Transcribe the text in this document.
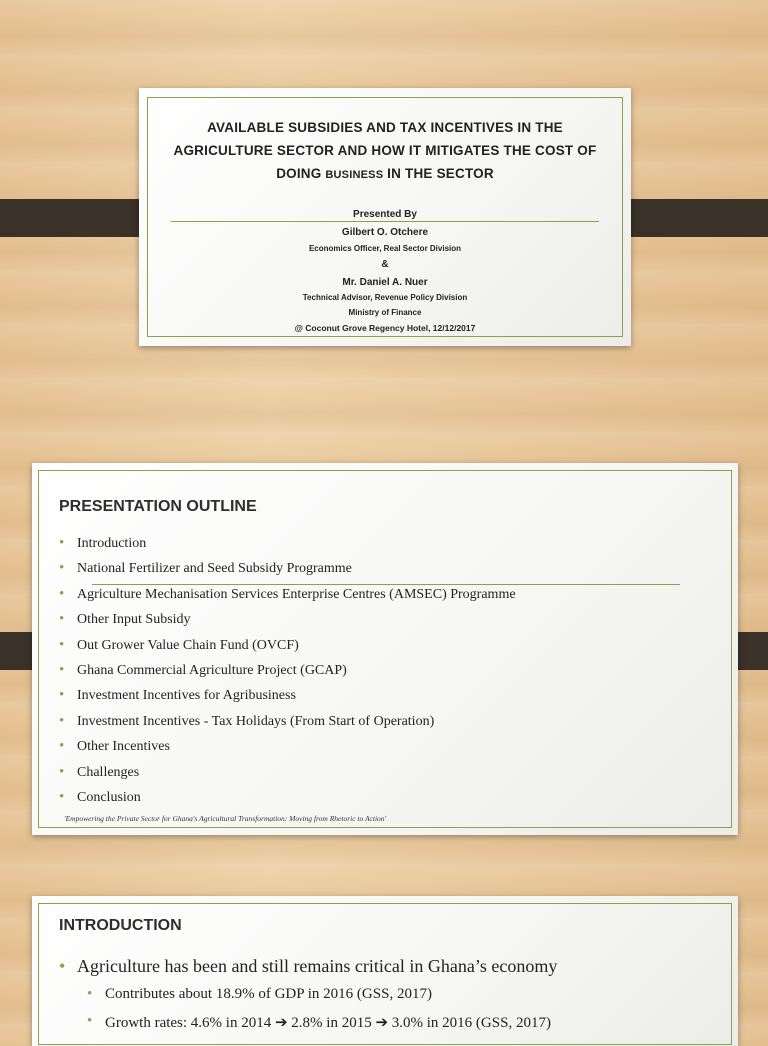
AVAILABLE SUBSIDIES AND TAX INCENTIVES IN THE
AGRICULTURE SECTOR AND HOW IT MITIGATES THE COST OF
DOING BUSINESS IN THE SECTOR
Presented By
Gilbert O. Otchere
Economics Officer, Real Sector Division
&
Mr. Daniel A. Nuer
Technical Advisor, Revenue Policy Division
Ministry of Finance
@ Coconut Grove Regency Hotel, 12/12/2017
PRESENTATION OUTLINE
• Introduction
• National Fertilizer and Seed Subsidy Programme
• Agriculture Mechanisation Services Enterprise Centres (AMSEC) Programme
• Other Input Subsidy
• Out Grower Value Chain Fund (OVCF)
• Ghana Commercial Agriculture Project (GCAP)
• Investment Incentives for Agribusiness
• Investment Incentives - Tax Holidays (From Start of Operation)
• Other Incentives
• Challenges
• Conclusion
'Empowering the Private Sector for Ghana's Agricultural Transformation: Moving from Rhetoric to Action'
INTRODUCTION
• Agriculture has been and still remains critical in Ghana’s economy
• Contributes about 18.9% of GDP in 2016 (GSS, 2017)
• Growth rates: 4.6% in 2014 ➔ 2.8% in 2015 ➔ 3.0% in 2016 (GSS, 2017)
